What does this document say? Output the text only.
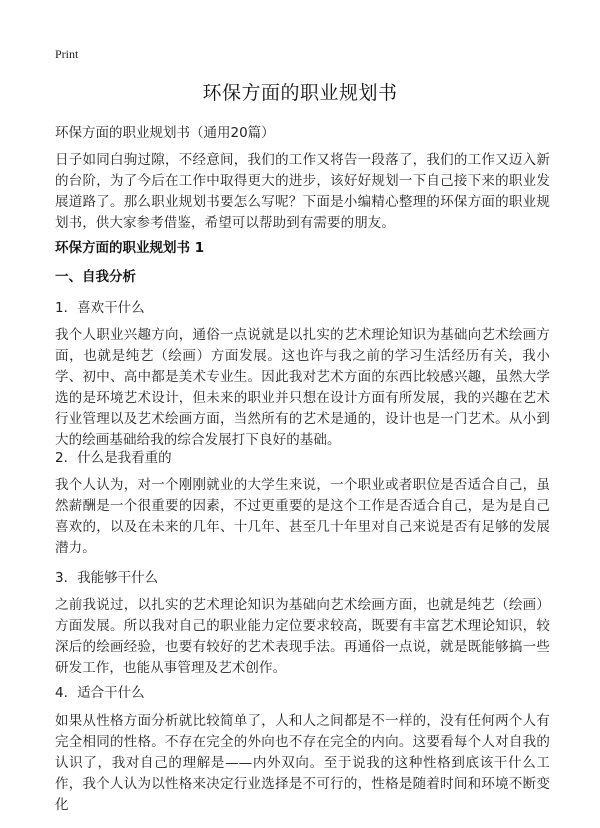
Print
环保方面的职业规划书
环保方面的职业规划书（通用20篇）
日子如同白驹过隙，不经意间，我们的工作又将告一段落了，我们的工作又迈入新的台阶，为了今后在工作中取得更大的进步，该好好规划一下自己接下来的职业发展道路了。那么职业规划书要怎么写呢？下面是小编精心整理的环保方面的职业规划书，供大家参考借鉴，希望可以帮助到有需要的朋友。
环保方面的职业规划书 1
一、自我分析
1．喜欢干什么
我个人职业兴趣方向，通俗一点说就是以扎实的艺术理论知识为基础向艺术绘画方面，也就是纯艺（绘画）方面发展。这也许与我之前的学习生活经历有关，我小学、初中、高中都是美术专业生。因此我对艺术方面的东西比较感兴趣，虽然大学选的是环境艺术设计，但未来的职业并只想在设计方面有所发展，我的兴趣在艺术行业管理以及艺术绘画方面，当然所有的艺术是通的，设计也是一门艺术。从小到大的绘画基础给我的综合发展打下良好的基础。
2．什么是我看重的
我个人认为，对一个刚刚就业的大学生来说，一个职业或者职位是否适合自己，虽然薪酬是一个很重要的因素，不过更重要的是这个工作是否适合自己，是为是自己喜欢的，以及在未来的几年、十几年、甚至几十年里对自己来说是否有足够的发展潜力。
3．我能够干什么
之前我说过，以扎实的艺术理论知识为基础向艺术绘画方面，也就是纯艺（绘画）方面发展。所以我对自己的职业能力定位要求较高，既要有丰富艺术理论知识，较深后的绘画经验，也要有较好的艺术表现手法。再通俗一点说，就是既能够搞一些研发工作，也能从事管理及艺术创作。
4．适合干什么
如果从性格方面分析就比较简单了，人和人之间都是不一样的，没有任何两个人有完全相同的性格。不存在完全的外向也不存在完全的内向。这要看每个人对自我的认识了，我对自己的理解是——内外双向。至于说我的这种性格到底该干什么工作，我个人认为以性格来决定行业选择是不可行的，性格是随着时间和环境不断变化
